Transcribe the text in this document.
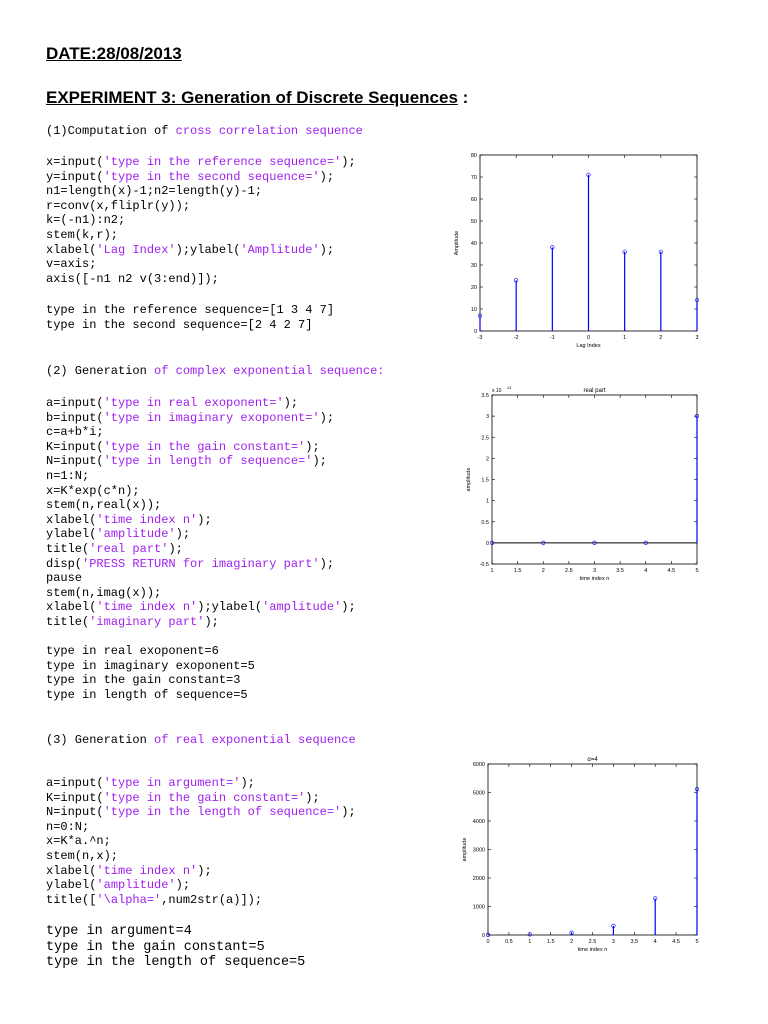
DATE:28/08/2013
EXPERIMENT 3: Generation of Discrete Sequences :
(1)Computation of cross correlation sequence
x=input('type in the reference sequence=');
y=input('type in the second sequence=');
n1=length(x)-1;n2=length(y)-1;
r=conv(x,fliplr(y));
k=(-n1):n2;
stem(k,r);
xlabel('Lag Index');ylabel('Amplitude');
v=axis;
axis([-n1 n2 v(3:end)]);
type in the reference sequence=[1 3 4 7]
type in the second sequence=[2 4 2 7]
(2) Generation of complex exponential sequence:
a=input('type in real exoponent=');
b=input('type in imaginary exoponent=');
c=a+b*i;
K=input('type in the gain constant=');
N=input('type in length of sequence=');
n=1:N;
x=K*exp(c*n);
stem(n,real(x));
xlabel('time index n');
ylabel('amplitude');
title('real part');
disp('PRESS RETURN for imaginary part');
pause
stem(n,imag(x));
xlabel('time index n');ylabel('amplitude');
title('imaginary part');
type in real exoponent=6
type in imaginary exoponent=5
type in the gain constant=3
type in length of sequence=5
(3) Generation of real exponential sequence
a=input('type in argument=');
K=input('type in the gain constant=');
N=input('type in the length of sequence=');
n=0:N;
x=K*a.^n;
stem(n,x);
xlabel('time index n');
ylabel('amplitude');
title(['\alpha=',num2str(a)]);
type in argument=4
type in the gain constant=5
type in the length of sequence=5
0
10
20
30
40
50
60
70
80
-3	-2	-1	0	1	2	3
Lag Index
Amplitude
-0.5
0
0.5
1
1.5
2
2.5
3
3.5
1	1.5	2	2.5	3	3.5	4	4.5	5
real part
time index n
amplitude
x 10 13
0
1000
2000
3000
4000
5000
6000
0	0.5	1	1.5	2	2.5	3	3.5	4	4.5	5
α=4
time index n
amplitude
